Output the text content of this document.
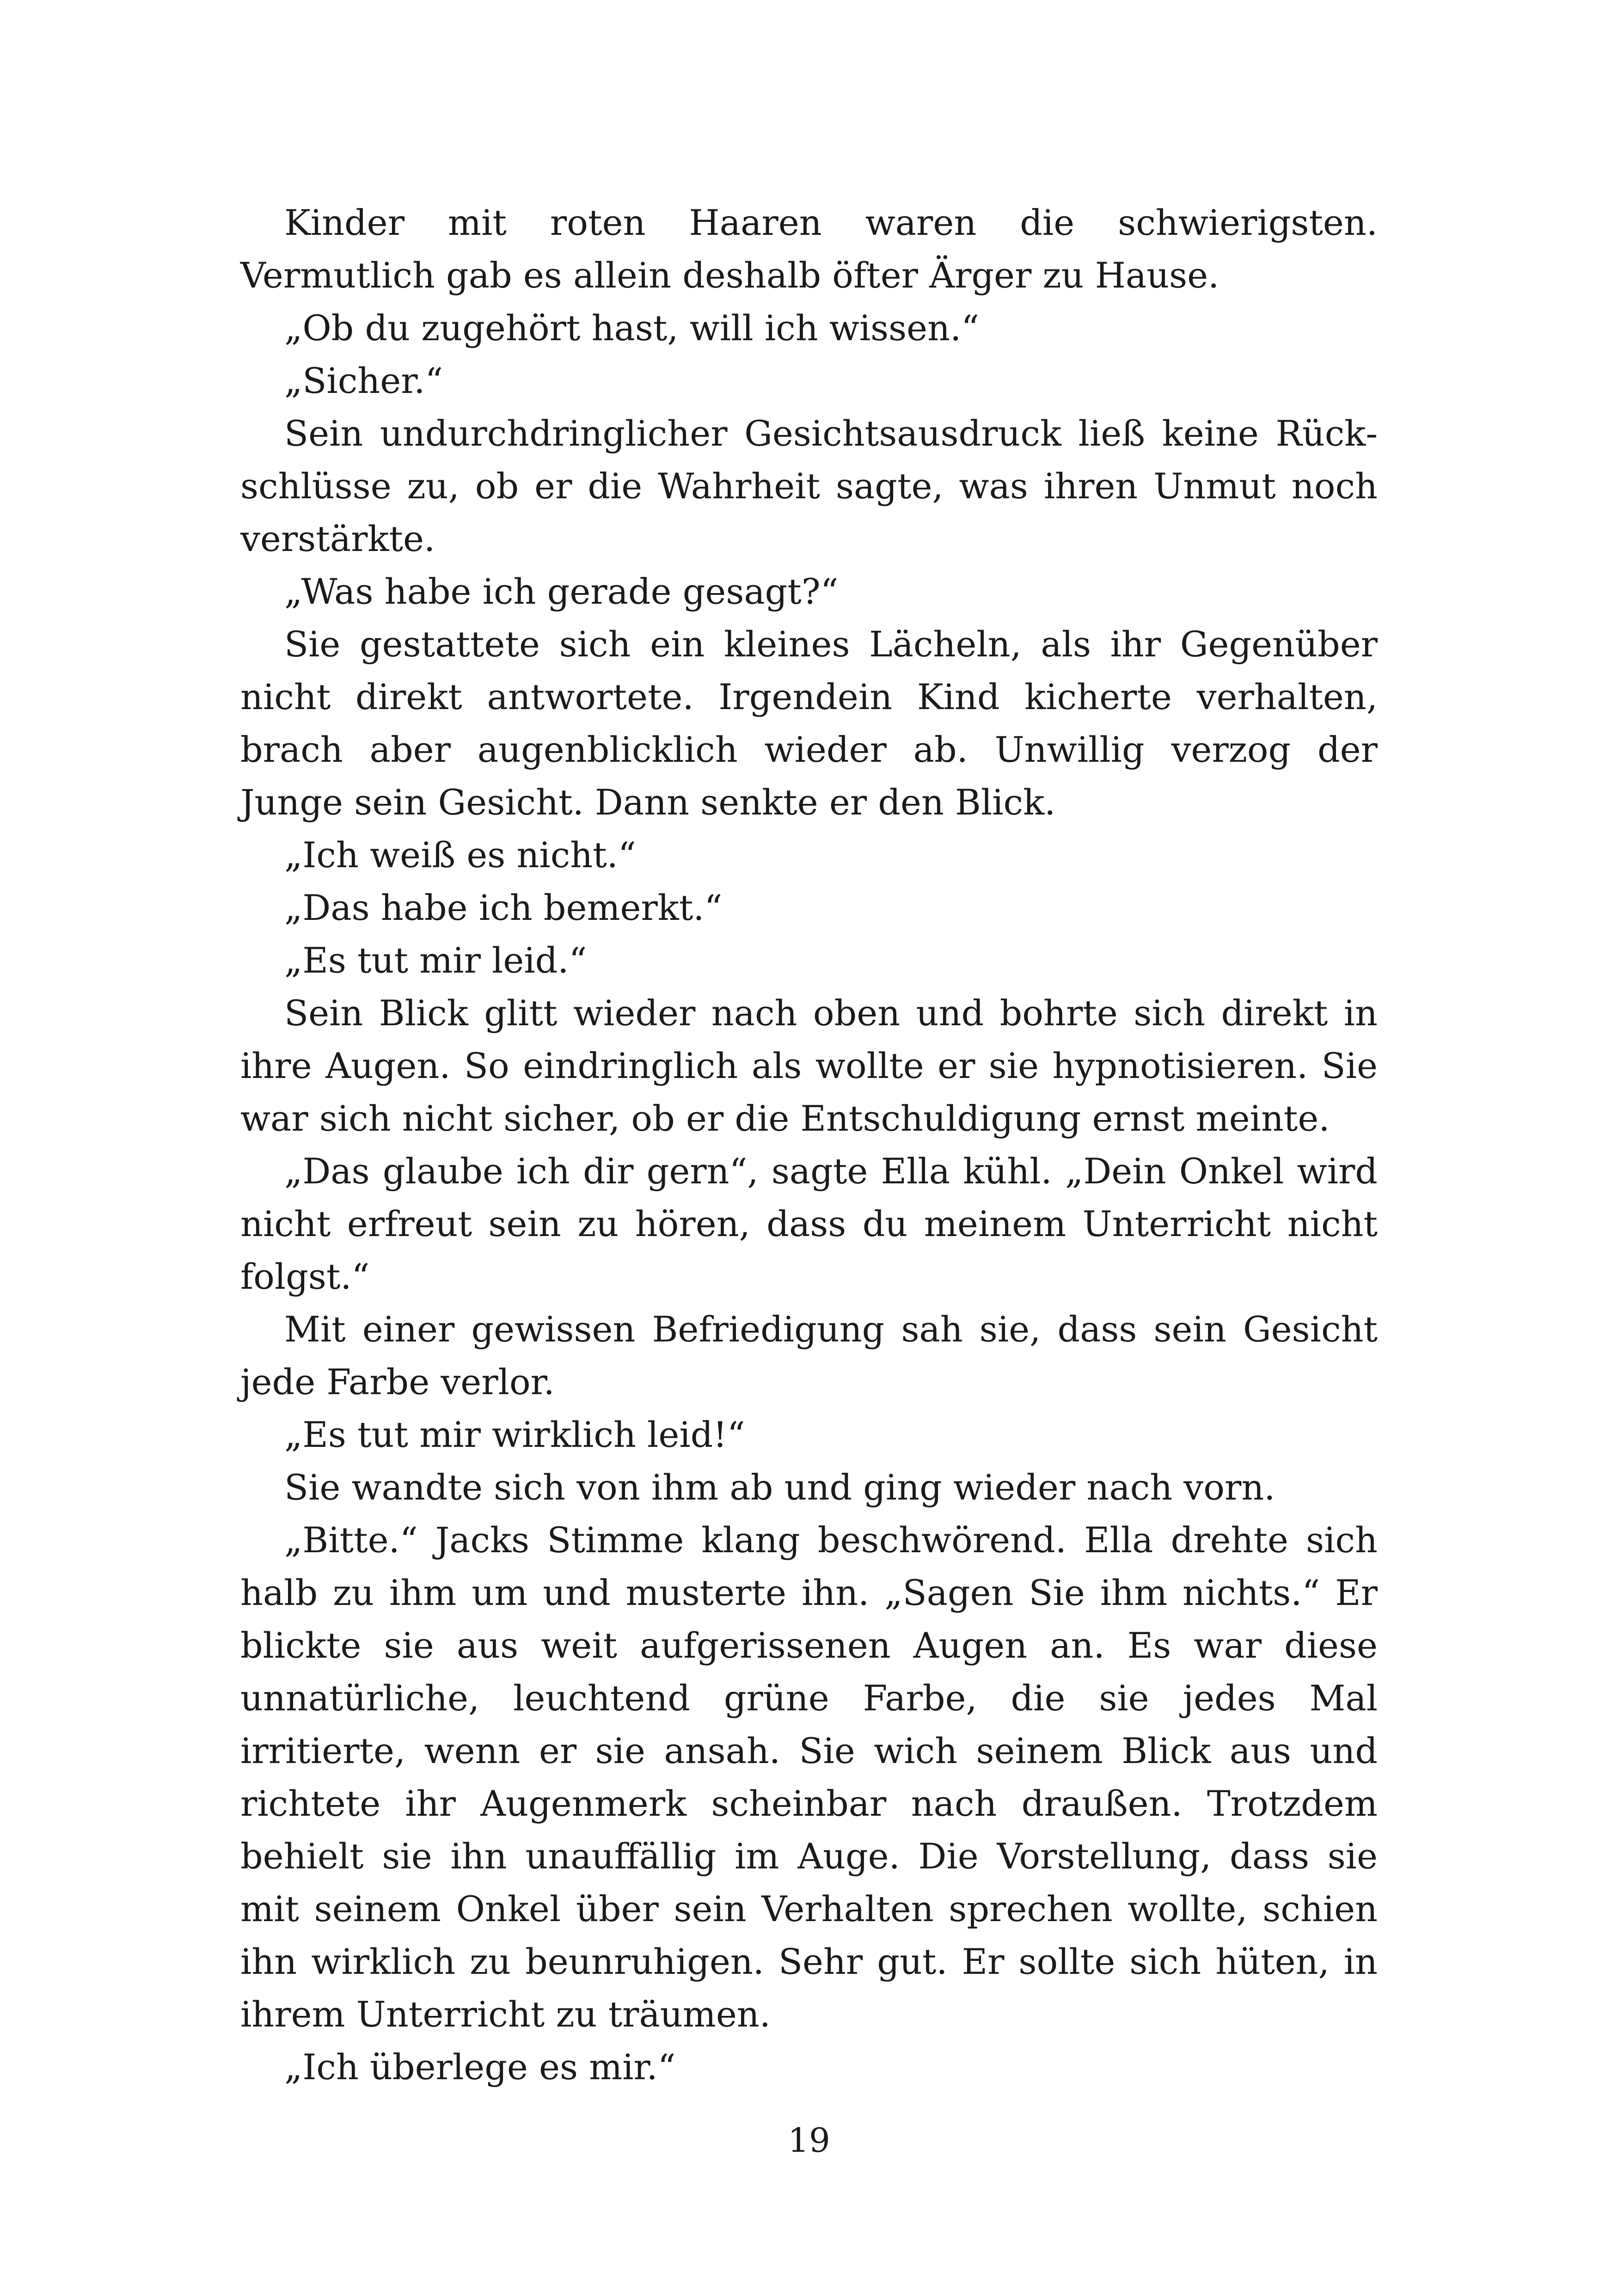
Kinder mit roten Haaren waren die schwierigsten. Vermutlich gab es allein deshalb öfter Ärger zu Hause.

„Ob du zugehört hast, will ich wissen.“

„Sicher.“

Sein undurchdringlicher Gesichtsausdruck ließ keine Rückschlüsse zu, ob er die Wahrheit sagte, was ihren Unmut noch verstärkte.

„Was habe ich gerade gesagt?“

Sie gestattete sich ein kleines Lächeln, als ihr Gegenüber nicht direkt antwortete. Irgendein Kind kicherte verhalten, brach aber augenblicklich wieder ab. Unwillig verzog der Junge sein Gesicht. Dann senkte er den Blick.

„Ich weiß es nicht.“

„Das habe ich bemerkt.“

„Es tut mir leid.“

Sein Blick glitt wieder nach oben und bohrte sich direkt in ihre Augen. So eindringlich als wollte er sie hypnotisieren. Sie war sich nicht sicher, ob er die Entschuldigung ernst meinte.

„Das glaube ich dir gern“, sagte Ella kühl. „Dein Onkel wird nicht erfreut sein zu hören, dass du meinem Unterricht nicht folgst.“

Mit einer gewissen Befriedigung sah sie, dass sein Gesicht jede Farbe verlor.

„Es tut mir wirklich leid!“

Sie wandte sich von ihm ab und ging wieder nach vorn.

„Bitte.“ Jacks Stimme klang beschwörend. Ella drehte sich halb zu ihm um und musterte ihn. „Sagen Sie ihm nichts.“ Er blickte sie aus weit aufgerissenen Augen an. Es war diese unnatürliche, leuchtend grüne Farbe, die sie jedes Mal irritierte, wenn er sie ansah. Sie wich seinem Blick aus und richtete ihr Augenmerk scheinbar nach draußen. Trotzdem behielt sie ihn unauffällig im Auge. Die Vorstellung, dass sie mit seinem Onkel über sein Verhalten sprechen wollte, schien ihn wirklich zu beunruhigen. Sehr gut. Er sollte sich hüten, in ihrem Unterricht zu träumen.

„Ich überlege es mir.“

19
